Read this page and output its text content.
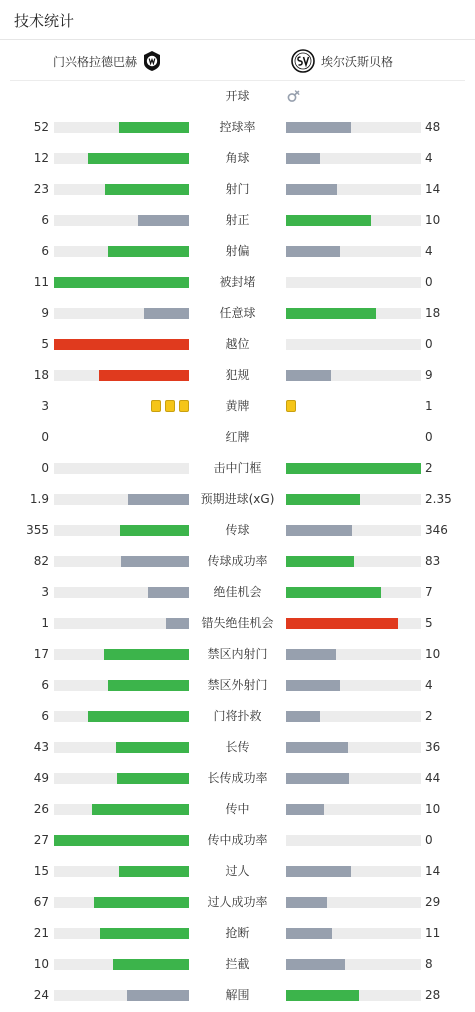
技术统计
门兴格拉德巴赫	埃尔沃斯贝格
开球
52	控球率	48
12	角球	4
23	射门	14
6	射正	10
6	射偏	4
11	被封堵	0
9	任意球	18
5	越位	0
18	犯规	9
3	黄牌	1
0	红牌	0
0	击中门框	2
1.9	预期进球(xG)	2.35
355	传球	346
82	传球成功率	83
3	绝佳机会	7
1	错失绝佳机会	5
17	禁区内射门	10
6	禁区外射门	4
6	门将扑救	2
43	长传	36
49	长传成功率	44
26	传中	10
27	传中成功率	0
15	过人	14
67	过人成功率	29
21	抢断	11
10	拦截	8
24	解围	28
